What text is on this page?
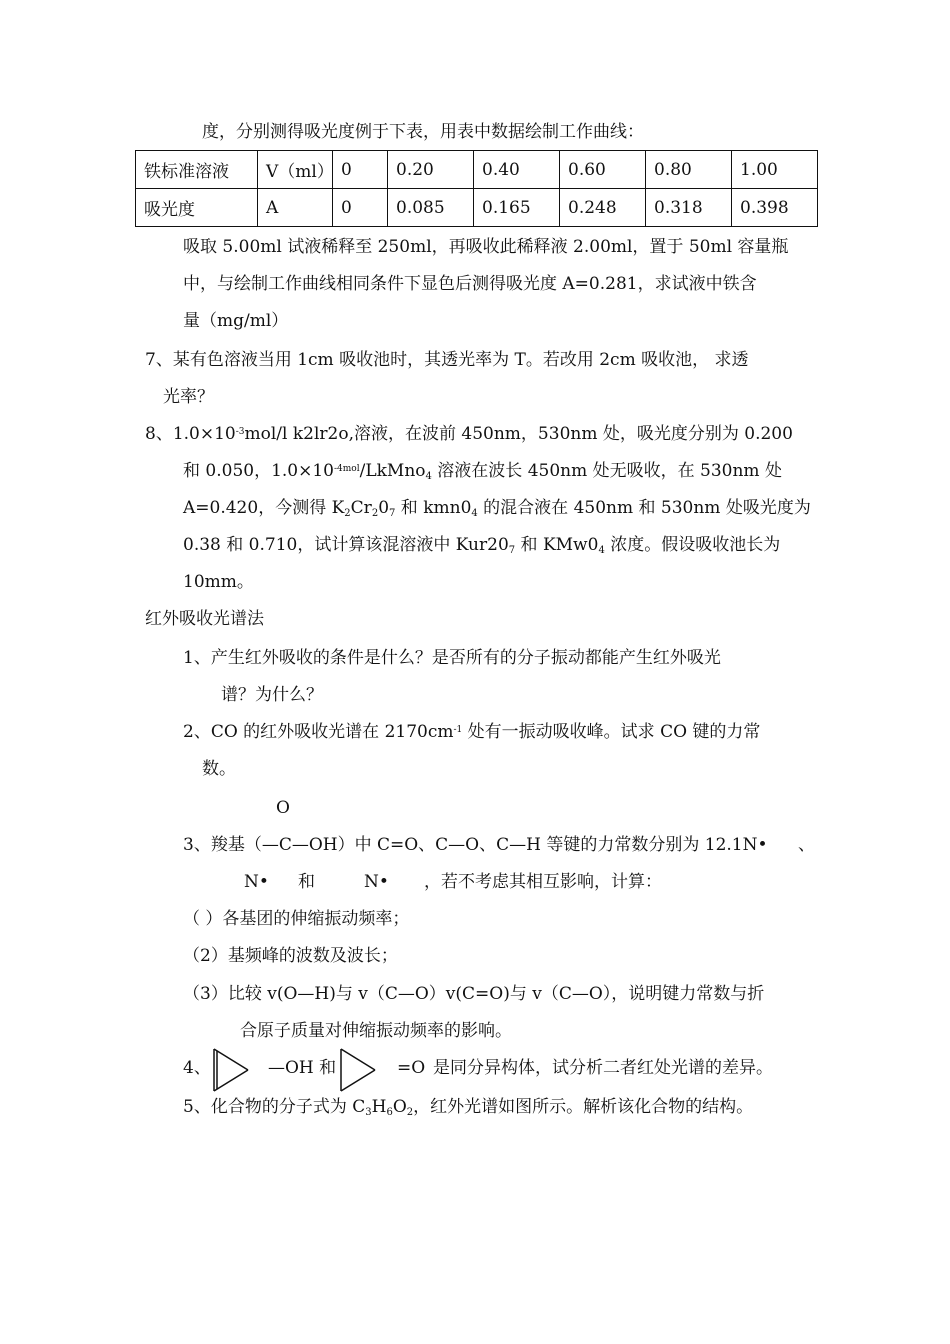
度，分别测得吸光度例于下表，用表中数据绘制工作曲线：
铁标准溶液	V（ml）	0	0.20	0.40	0.60	0.80	1.00
吸光度	A	0	0.085	0.165	0.248	0.318	0.398
吸取 5.00ml 试液稀释至 250ml，再吸收此稀释液 2.00ml，置于 50ml 容量瓶
中，与绘制工作曲线相同条件下显色后测得吸光度 A=0.281，求试液中铁含
量（mg/ml）
7、某有色溶液当用 1cm 吸收池时，其透光率为 T。若改用 2cm 吸收池， 求透
光率？
8、$1.0\times 10^{-3}mol/l$ k2lr2o,溶液，在波前 450nm，530nm 处，吸光度分别为 0.200
和 0.050，$1.0\times 10^{-4mol}/LkMno_4$ 溶液在波长 450nm 处无吸收，在 530nm 处
A=0.420，今测得 $K_2Cr_20_7$ 和 $kmn0_4$ 的混合液在 450nm 和 530nm 处吸光度为
0.38 和 0.710，试计算该混溶液中 $Kur20_7$ 和 $KMw0_4$ 浓度。假设吸收池长为
10mm。
红外吸收光谱法
1、产生红外吸收的条件是什么？是否所有的分子振动都能产生红外吸光
谱？为什么？
2、CO 的红外吸收光谱在 $2170cm^{-1}$ 处有一振动吸收峰。试求 CO 键的力常
数。
O
3、羧基（—C—OH）中 C=O、C—O、C—H 等键的力常数分别为 12.1N• 、
N• 和	N• ，若不考虑其相互影响，计算：
（ ）各基团的伸缩振动频率；
（2）基频峰的波数及波长；
（3）比较 v(O—H)与 v（C—O）v(C=O)与 v（C—O），说明键力常数与折
合原子质量对伸缩振动频率的影响。
4、	—OH 和	=O 是同分异构体，试分析二者红处光谱的差异。
5、化合物的分子式为 $C_3H_6O_2$，红外光谱如图所示。解析该化合物的结构。
